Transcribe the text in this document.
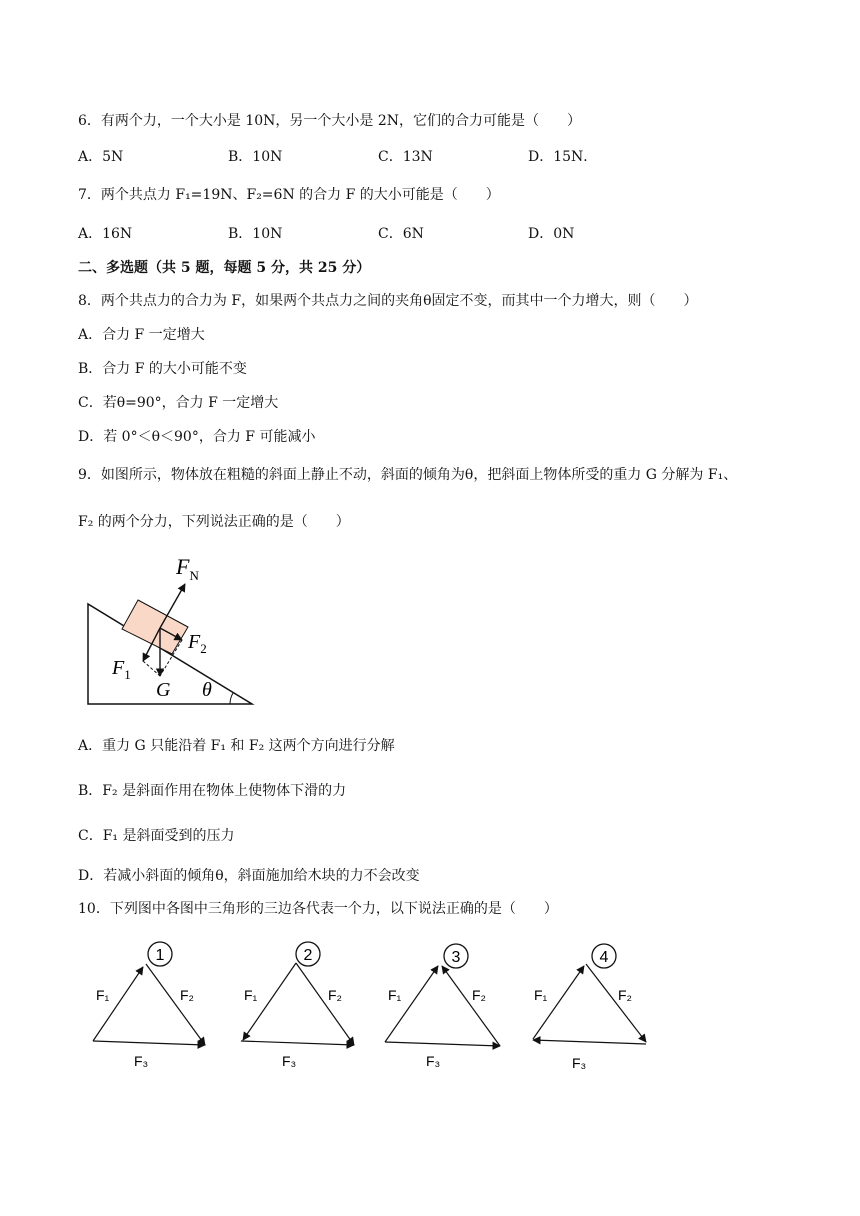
6．有两个力，一个大小是 10N，另一个大小是 2N，它们的合力可能是（　　）
A．5N	B．10N	C．13N	D．15N．
7．两个共点力 F₁=19N、F₂=6N 的合力 F 的大小可能是（　　）
A．16N	B．10N	C．6N	D．0N
二、多选题（共 5 题，每题 5 分，共 25 分）
8．两个共点力的合力为 F，如果两个共点力之间的夹角θ固定不变，而其中一个力增大，则（　　）
A．合力 F 一定增大
B．合力 F 的大小可能不变
C．若θ=90°，合力 F 一定增大
D．若 0°＜θ＜90°，合力 F 可能减小
9．如图所示，物体放在粗糙的斜面上静止不动，斜面的倾角为θ，把斜面上物体所受的重力 G 分解为 F₁、
F₂ 的两个分力，下列说法正确的是（　　）
$F_N$
$F_2$
$F_1$
G θ
A．重力 G 只能沿着 F₁ 和 F₂ 这两个方向进行分解
B．F₂ 是斜面作用在物体上使物体下滑的力
C．F₁ 是斜面受到的压力
D．若减小斜面的倾角θ，斜面施加给木块的力不会改变
10．下列图中各图中三角形的三边各代表一个力，以下说法正确的是（　　）
1
F₁	F₂
F₃
2
F₁	F₂
F₃
3
F₁	F₂
F₃
4
F₁	F₂
F₃
